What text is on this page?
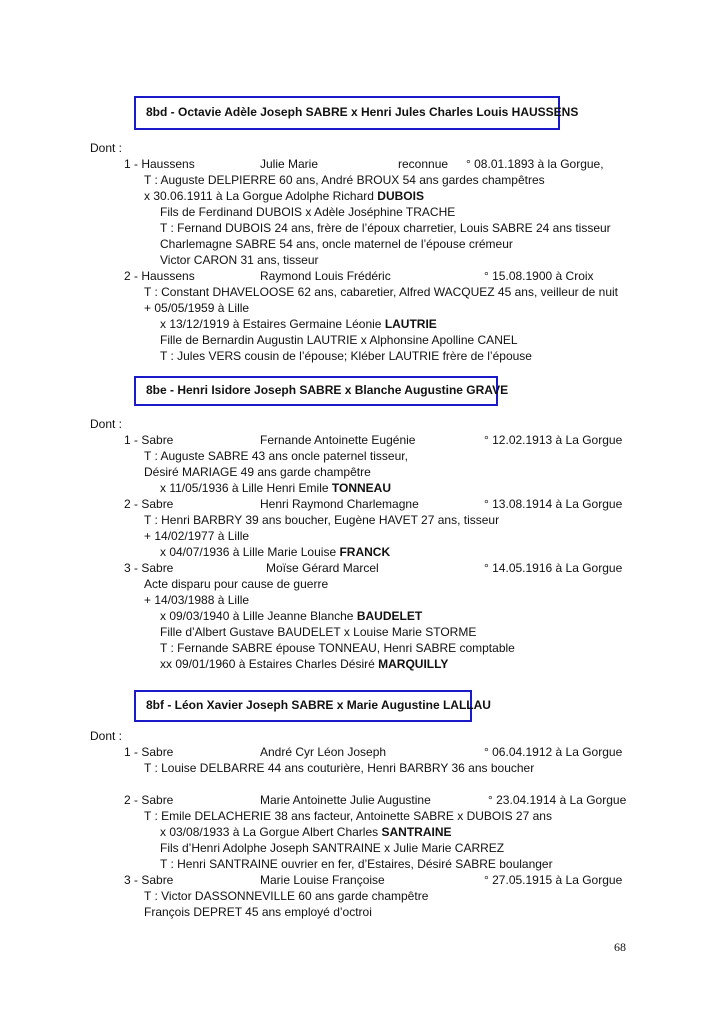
8bd - Octavie Adèle Joseph SABRE x Henri Jules Charles Louis HAUSSENS
Dont :
1 - Haussens	Julie Marie	reconnue ° 08.01.1893 à la Gorgue,
T : Auguste DELPIERRE 60 ans, André BROUX 54 ans gardes champêtres
x 30.06.1911 à La Gorgue Adolphe Richard DUBOIS
Fils de Ferdinand DUBOIS x Adèle Joséphine TRACHE
T : Fernand DUBOIS 24 ans, frère de l’époux charretier, Louis SABRE 24 ans tisseur
Charlemagne SABRE 54 ans, oncle maternel de l’épouse crémeur
Victor CARON 31 ans, tisseur
2 - Haussens	Raymond Louis Frédéric	° 15.08.1900 à Croix
T : Constant DHAVELOOSE 62 ans, cabaretier, Alfred WACQUEZ 45 ans, veilleur de nuit
+ 05/05/1959 à Lille
x 13/12/1919 à Estaires Germaine Léonie LAUTRIE
Fille de Bernardin Augustin LAUTRIE x Alphonsine Apolline CANEL
T : Jules VERS cousin de l’épouse; Kléber LAUTRIE frère de l’épouse
8be - Henri Isidore Joseph SABRE x Blanche Augustine GRAVE
Dont :
1 - Sabre	Fernande Antoinette Eugénie	° 12.02.1913 à La Gorgue
T : Auguste SABRE 43 ans oncle paternel tisseur,
Désiré MARIAGE 49 ans garde champêtre
x 11/05/1936 à Lille Henri Emile TONNEAU
2 - Sabre	Henri Raymond Charlemagne	° 13.08.1914 à La Gorgue
T : Henri BARBRY 39 ans boucher, Eugène HAVET 27 ans, tisseur
+ 14/02/1977 à Lille
x 04/07/1936 à Lille Marie Louise FRANCK
3 - Sabre	Moïse Gérard Marcel	° 14.05.1916 à La Gorgue
Acte disparu pour cause de guerre
+ 14/03/1988 à Lille
x 09/03/1940 à Lille Jeanne Blanche BAUDELET
Fille d’Albert Gustave BAUDELET x Louise Marie STORME
T : Fernande SABRE épouse TONNEAU, Henri SABRE comptable
xx 09/01/1960 à Estaires Charles Désiré MARQUILLY
8bf - Léon Xavier Joseph SABRE x Marie Augustine LALLAU
Dont :
1 - Sabre	André Cyr Léon Joseph	° 06.04.1912 à La Gorgue
T : Louise DELBARRE 44 ans couturière, Henri BARBRY 36 ans boucher
2 - Sabre	Marie Antoinette Julie Augustine	° 23.04.1914 à La Gorgue
T : Emile DELACHERIE 38 ans facteur, Antoinette SABRE x DUBOIS 27 ans
x 03/08/1933 à La Gorgue Albert Charles SANTRAINE
Fils d’Henri Adolphe Joseph SANTRAINE x Julie Marie CARREZ
T : Henri SANTRAINE ouvrier en fer, d’Estaires, Désiré SABRE boulanger
3 - Sabre	Marie Louise Françoise	° 27.05.1915 à La Gorgue
T : Victor DASSONNEVILLE 60 ans garde champêtre
François DEPRET 45 ans employé d’octroi
68
